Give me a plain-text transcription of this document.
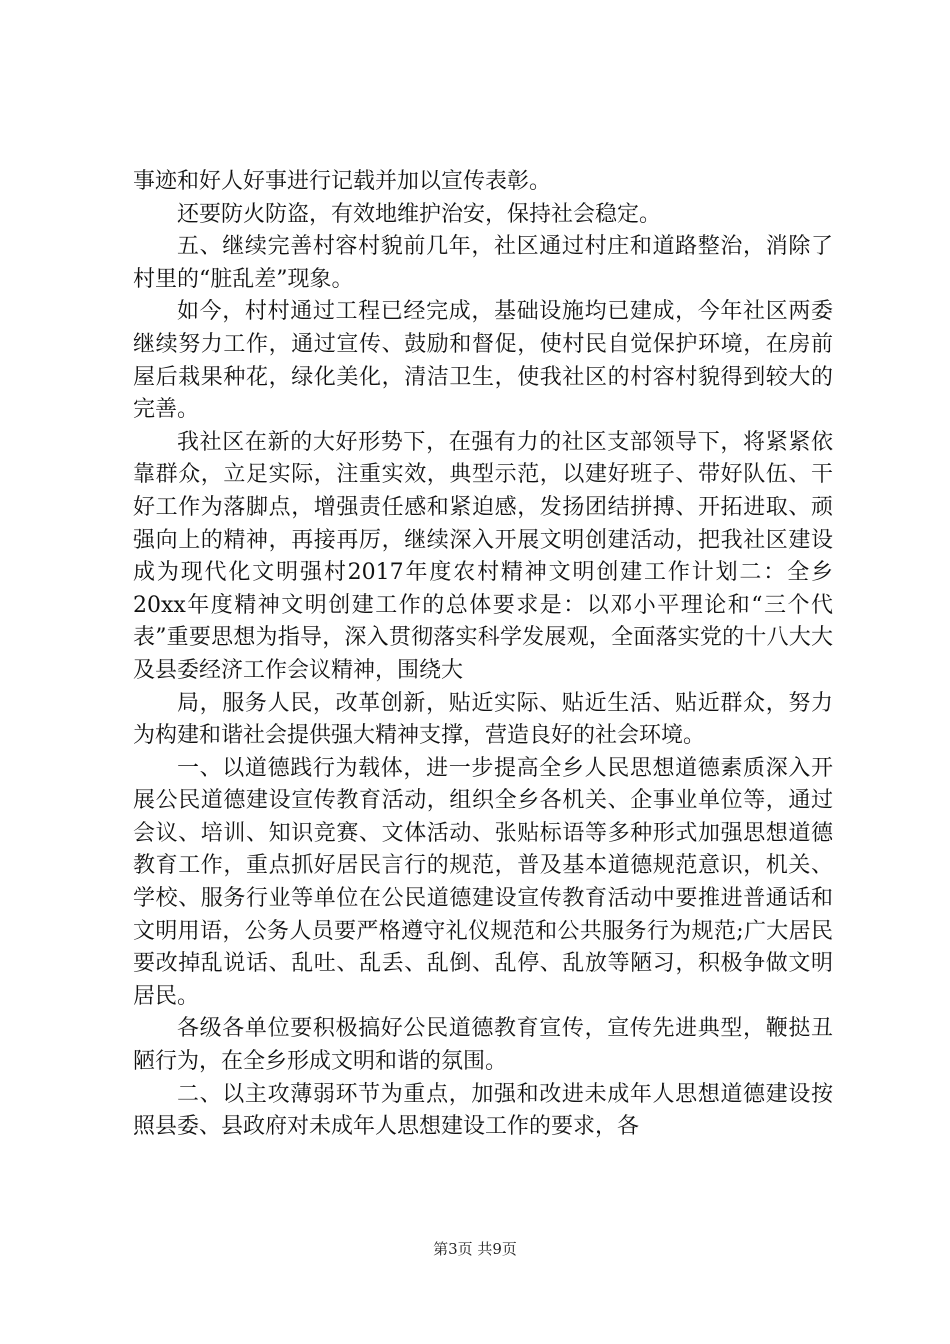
事迹和好人好事进行记载并加以宣传表彰。

还要防火防盗，有效地维护治安，保持社会稳定。

五、继续完善村容村貌前几年，社区通过村庄和道路整治，消除了村里的“脏乱差”现象。

如今，村村通过工程已经完成，基础设施均已建成，今年社区两委继续努力工作，通过宣传、鼓励和督促，使村民自觉保护环境，在房前屋后栽果种花，绿化美化，清洁卫生，使我社区的村容村貌得到较大的完善。

我社区在新的大好形势下，在强有力的社区支部领导下，将紧紧依靠群众，立足实际，注重实效，典型示范，以建好班子、带好队伍、干好工作为落脚点，增强责任感和紧迫感，发扬团结拼搏、开拓进取、顽强向上的精神，再接再厉，继续深入开展文明创建活动，把我社区建设成为现代化文明强村2017年度农村精神文明创建工作计划二：全乡20xx年度精神文明创建工作的总体要求是：以邓小平理论和“三个代表”重要思想为指导，深入贯彻落实科学发展观，全面落实党的十八大大及县委经济工作会议精神，围绕大

局，服务人民，改革创新，贴近实际、贴近生活、贴近群众，努力为构建和谐社会提供强大精神支撑，营造良好的社会环境。

一、以道德践行为载体，进一步提高全乡人民思想道德素质深入开展公民道德建设宣传教育活动，组织全乡各机关、企事业单位等，通过会议、培训、知识竞赛、文体活动、张贴标语等多种形式加强思想道德教育工作，重点抓好居民言行的规范，普及基本道德规范意识，机关、学校、服务行业等单位在公民道德建设宣传教育活动中要推进普通话和文明用语，公务人员要严格遵守礼仪规范和公共服务行为规范;广大居民要改掉乱说话、乱吐、乱丢、乱倒、乱停、乱放等陋习，积极争做文明居民。

各级各单位要积极搞好公民道德教育宣传，宣传先进典型，鞭挞丑陋行为，在全乡形成文明和谐的氛围。

二、以主攻薄弱环节为重点，加强和改进未成年人思想道德建设按照县委、县政府对未成年人思想建设工作的要求，各

第3页 共9页
